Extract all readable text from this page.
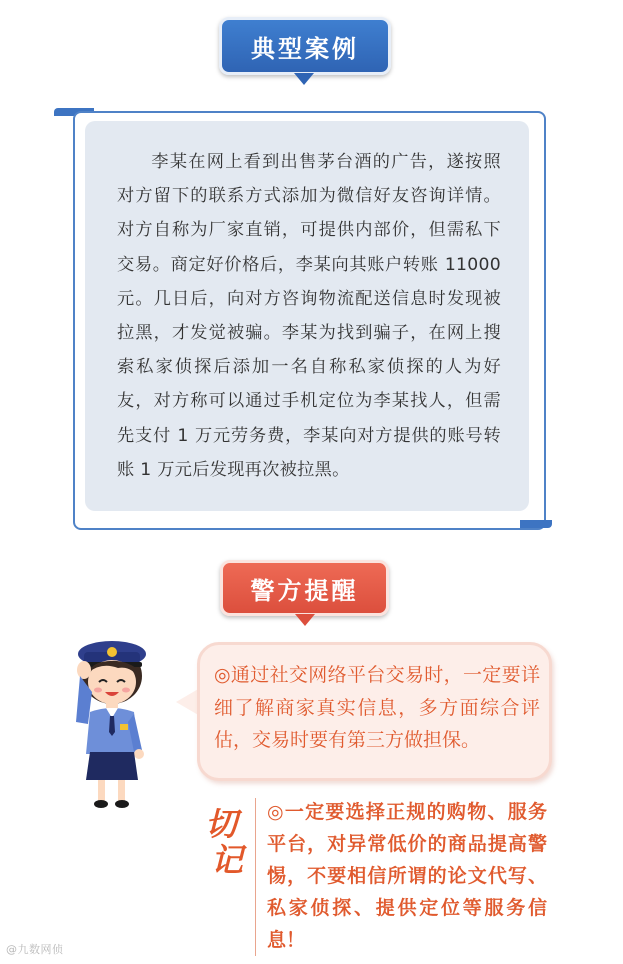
典型案例
李某在网上看到出售茅台酒的广告，遂按照对方留下的联系方式添加为微信好友咨询详情。对方自称为厂家直销，可提供内部价，但需私下交易。商定好价格后，李某向其账户转账 11000 元。几日后，向对方咨询物流配送信息时发现被拉黑，才发觉被骗。李某为找到骗子，在网上搜索私家侦探后添加一名自称私家侦探的人为好友，对方称可以通过手机定位为李某找人，但需先支付 1 万元劳务费，李某向对方提供的账号转账 1 万元后发现再次被拉黑。
警方提醒
◎通过社交网络平台交易时，一定要详细了解商家真实信息，多方面综合评估，交易时要有第三方做担保。
切
记
◎一定要选择正规的购物、服务平台，对异常低价的商品提高警惕，不要相信所谓的论文代写、私家侦探、提供定位等服务信息！
@九数网侦
